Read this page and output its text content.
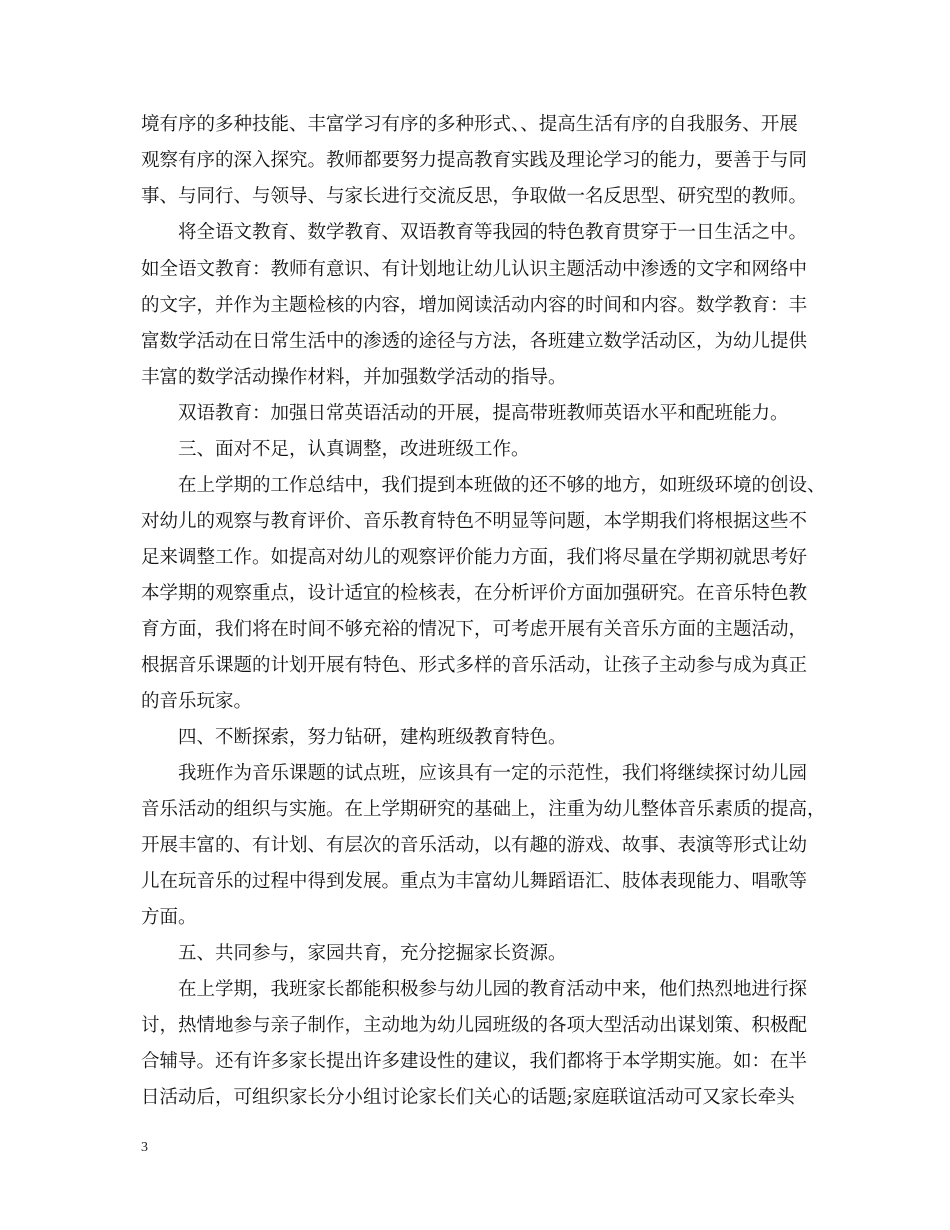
境有序的多种技能、丰富学习有序的多种形式、、提高生活有序的自我服务、开展
观察有序的深入探究。教师都要努力提高教育实践及理论学习的能力，要善于与同
事、与同行、与领导、与家长进行交流反思，争取做一名反思型、研究型的教师。
　　将全语文教育、数学教育、双语教育等我园的特色教育贯穿于一日生活之中。
如全语文教育：教师有意识、有计划地让幼儿认识主题活动中渗透的文字和网络中
的文字，并作为主题检核的内容，增加阅读活动内容的时间和内容。数学教育：丰
富数学活动在日常生活中的渗透的途径与方法，各班建立数学活动区，为幼儿提供
丰富的数学活动操作材料，并加强数学活动的指导。
　　双语教育：加强日常英语活动的开展，提高带班教师英语水平和配班能力。
　　三、面对不足，认真调整，改进班级工作。
　　在上学期的工作总结中，我们提到本班做的还不够的地方，如班级环境的创设、
对幼儿的观察与教育评价、音乐教育特色不明显等问题，本学期我们将根据这些不
足来调整工作。如提高对幼儿的观察评价能力方面，我们将尽量在学期初就思考好
本学期的观察重点，设计适宜的检核表，在分析评价方面加强研究。在音乐特色教
育方面，我们将在时间不够充裕的情况下，可考虑开展有关音乐方面的主题活动，
根据音乐课题的计划开展有特色、形式多样的音乐活动，让孩子主动参与成为真正
的音乐玩家。
　　四、不断探索，努力钻研，建构班级教育特色。
　　我班作为音乐课题的试点班，应该具有一定的示范性，我们将继续探讨幼儿园
音乐活动的组织与实施。在上学期研究的基础上，注重为幼儿整体音乐素质的提高，
开展丰富的、有计划、有层次的音乐活动，以有趣的游戏、故事、表演等形式让幼
儿在玩音乐的过程中得到发展。重点为丰富幼儿舞蹈语汇、肢体表现能力、唱歌等
方面。
　　五、共同参与，家园共育，充分挖掘家长资源。
　　在上学期，我班家长都能积极参与幼儿园的教育活动中来，他们热烈地进行探
讨，热情地参与亲子制作，主动地为幼儿园班级的各项大型活动出谋划策、积极配
合辅导。还有许多家长提出许多建设性的建议，我们都将于本学期实施。如：在半
日活动后，可组织家长分小组讨论家长们关心的话题;家庭联谊活动可又家长牵头
3
